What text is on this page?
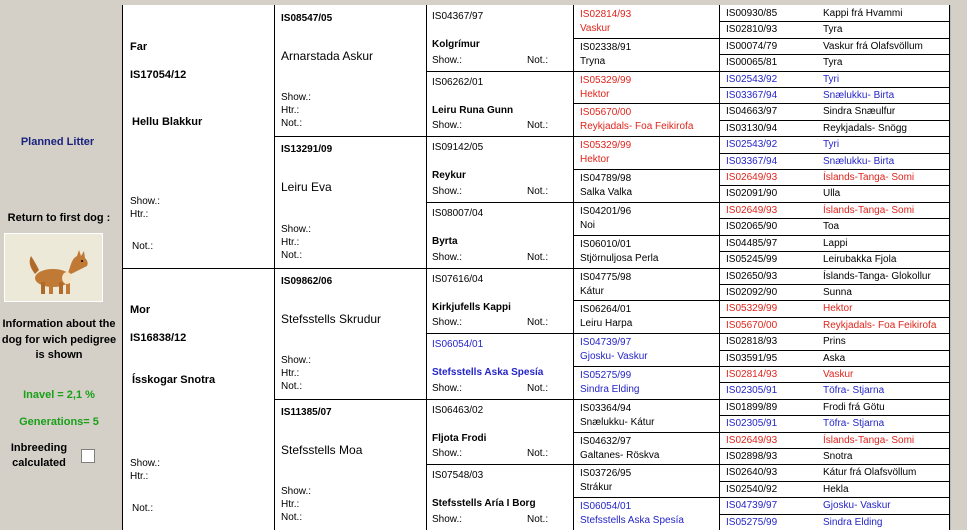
Planned Litter
Return to first dog :
Information about the dog for wich pedigree is shown
Inavel = 2,1 %
Generations= 5
Inbreeding calculated
Far
IS17054/12
Hellu Blakkur
Show.:
Htr.:
Not.:
Mor
IS16838/12
Ísskogar Snotra
Show.:
Htr.:
Not.:
IS08547/05
Arnarstada Askur
Show.:
Htr.:
Not.:
IS13291/09
Leiru Eva
Show.:
Htr.:
Not.:
IS09862/06
Stefsstells Skrudur
Show.:
Htr.:
Not.:
IS11385/07
Stefsstells Moa
Show.:
Htr.:
Not.:
IS04367/97
Kolgrímur
Show.:	Not.:
IS06262/01
Leiru Runa Gunn
Show.:	Not.:
IS09142/05
Reykur
Show.:	Not.:
IS08007/04
Byrta
Show.:	Not.:
IS07616/04
Kirkjufells Kappi
Show.:	Not.:
IS06054/01
Stefsstells Aska Spesía
Show.:	Not.:
IS06463/02
Fljota Frodi
Show.:	Not.:
IS07548/03
Stefsstells Aría I Borg
Show.:	Not.:
IS02814/93
Vaskur
IS02338/91
Tryna
IS05329/99
Hektor
IS05670/00
Reykjadals- Foa Feikirofa
IS05329/99
Hektor
IS04789/98
Salka Valka
IS04201/96
Noi
IS06010/01
Stjörnuljosa Perla
IS04775/98
Kátur
IS06264/01
Leiru Harpa
IS04739/97
Gjosku- Vaskur
IS05275/99
Sindra Elding
IS03364/94
Snælukku- Kátur
IS04632/97
Galtanes- Röskva
IS03726/95
Strákur
IS06054/01
Stefsstells Aska Spesía
IS00930/85	Kappi frá Hvammi
IS02810/93	Tyra
IS00074/79	Vaskur frá Olafsvöllum
IS00065/81	Tyra
IS02543/92	Tyri
IS03367/94	Snælukku- Birta
IS04663/97	Sindra Snæulfur
IS03130/94	Reykjadals- Snögg
IS02543/92	Tyri
IS03367/94	Snælukku- Birta
IS02649/93	Íslands-Tanga- Somi
IS02091/90	Ulla
IS02649/93	Íslands-Tanga- Somi
IS02065/90	Toa
IS04485/97	Lappi
IS05245/99	Leirubakka Fjola
IS02650/93	Íslands-Tanga- Glokollur
IS02092/90	Sunna
IS05329/99	Hektor
IS05670/00	Reykjadals- Foa Feikirofa
IS02818/93	Prins
IS03591/95	Aska
IS02814/93	Vaskur
IS02305/91	Töfra- Stjarna
IS01899/89	Frodi frá Götu
IS02305/91	Töfra- Stjarna
IS02649/93	Íslands-Tanga- Somi
IS02898/93	Snotra
IS02640/93	Kátur frá Olafsvöllum
IS02540/92	Hekla
IS04739/97	Gjosku- Vaskur
IS05275/99	Sindra Elding
